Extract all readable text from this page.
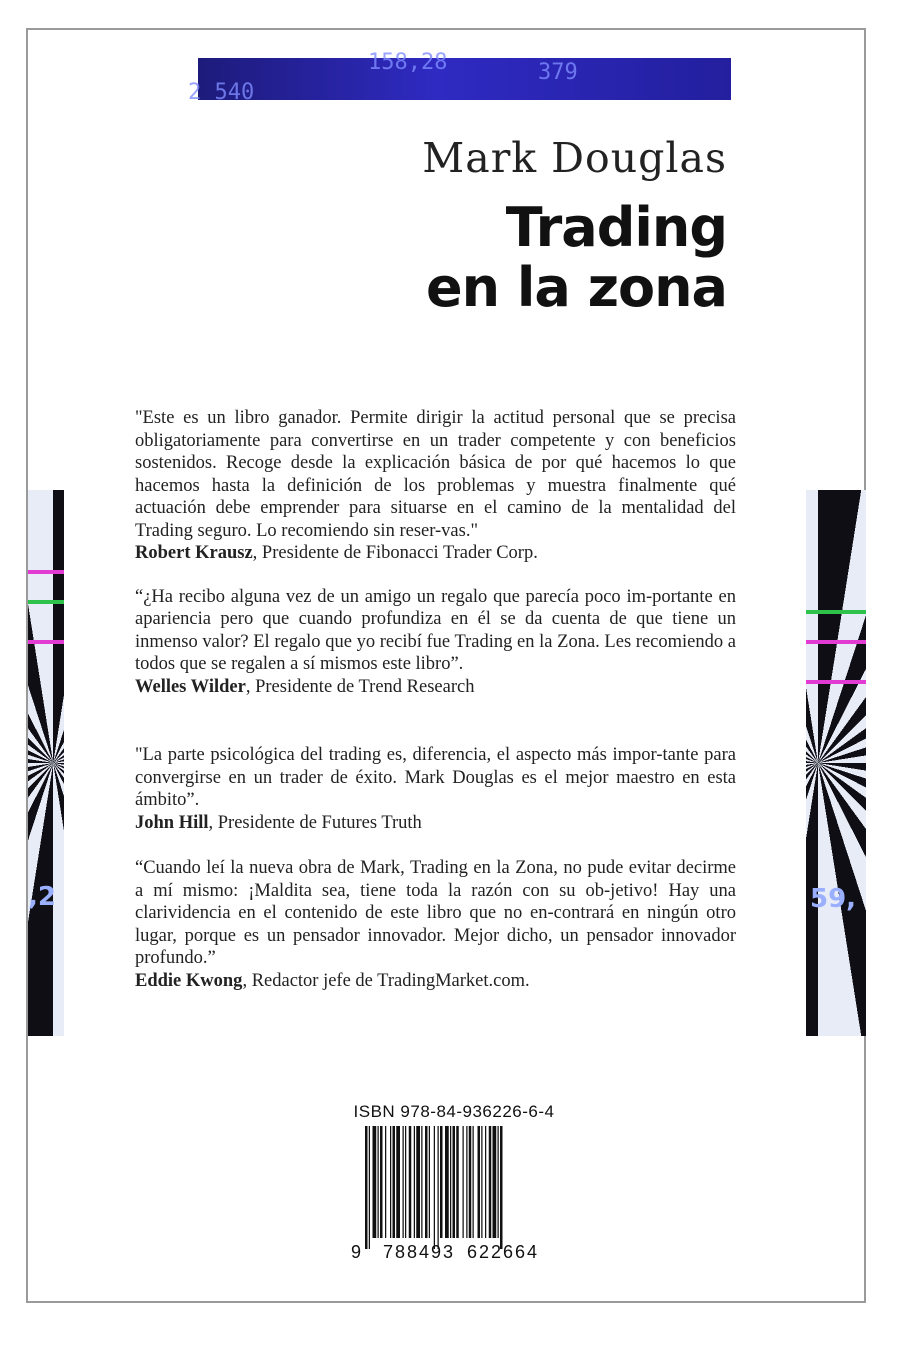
158,28	379
2 540
,2	59,
Mark Douglas
Trading
en la zona

"Este es un libro ganador. Permite dirigir la actitud personal que se precisa obligatoriamente para convertirse en un trader competente y con beneficios sostenidos. Recoge desde la explicación básica de por qué hacemos lo que hacemos hasta la definición de los problemas y muestra finalmente qué actuación debe emprender para situarse en el camino de la mentalidad del Trading seguro. Lo recomiendo sin reser-vas."

Robert Krausz, Presidente de Fibonacci Trader Corp.

“¿Ha recibo alguna vez de un amigo un regalo que parecía poco im-portante en apariencia pero que cuando profundiza en él se da cuenta de que tiene un inmenso valor? El regalo que yo recibí fue Trading en la Zona. Les recomiendo a todos que se regalen a sí mismos este libro”.

Welles Wilder, Presidente de Trend Research

"La parte psicológica del trading es, diferencia, el aspecto más impor-tante para convergirse en un trader de éxito. Mark Douglas es el mejor maestro en esta ámbito”.

John Hill, Presidente de Futures Truth

“Cuando leí la nueva obra de Mark, Trading en la Zona, no pude evitar decirme a mí mismo: ¡Maldita sea, tiene toda la razón con su ob-jetivo! Hay una clarividencia en el contenido de este libro que no en-contrará en ningún otro lugar, porque es un pensador innovador. Mejor dicho, un pensador innovador profundo.”

Eddie Kwong, Redactor jefe de TradingMarket.com.

ISBN 978-84-936226-6-4
9 788493 622664
